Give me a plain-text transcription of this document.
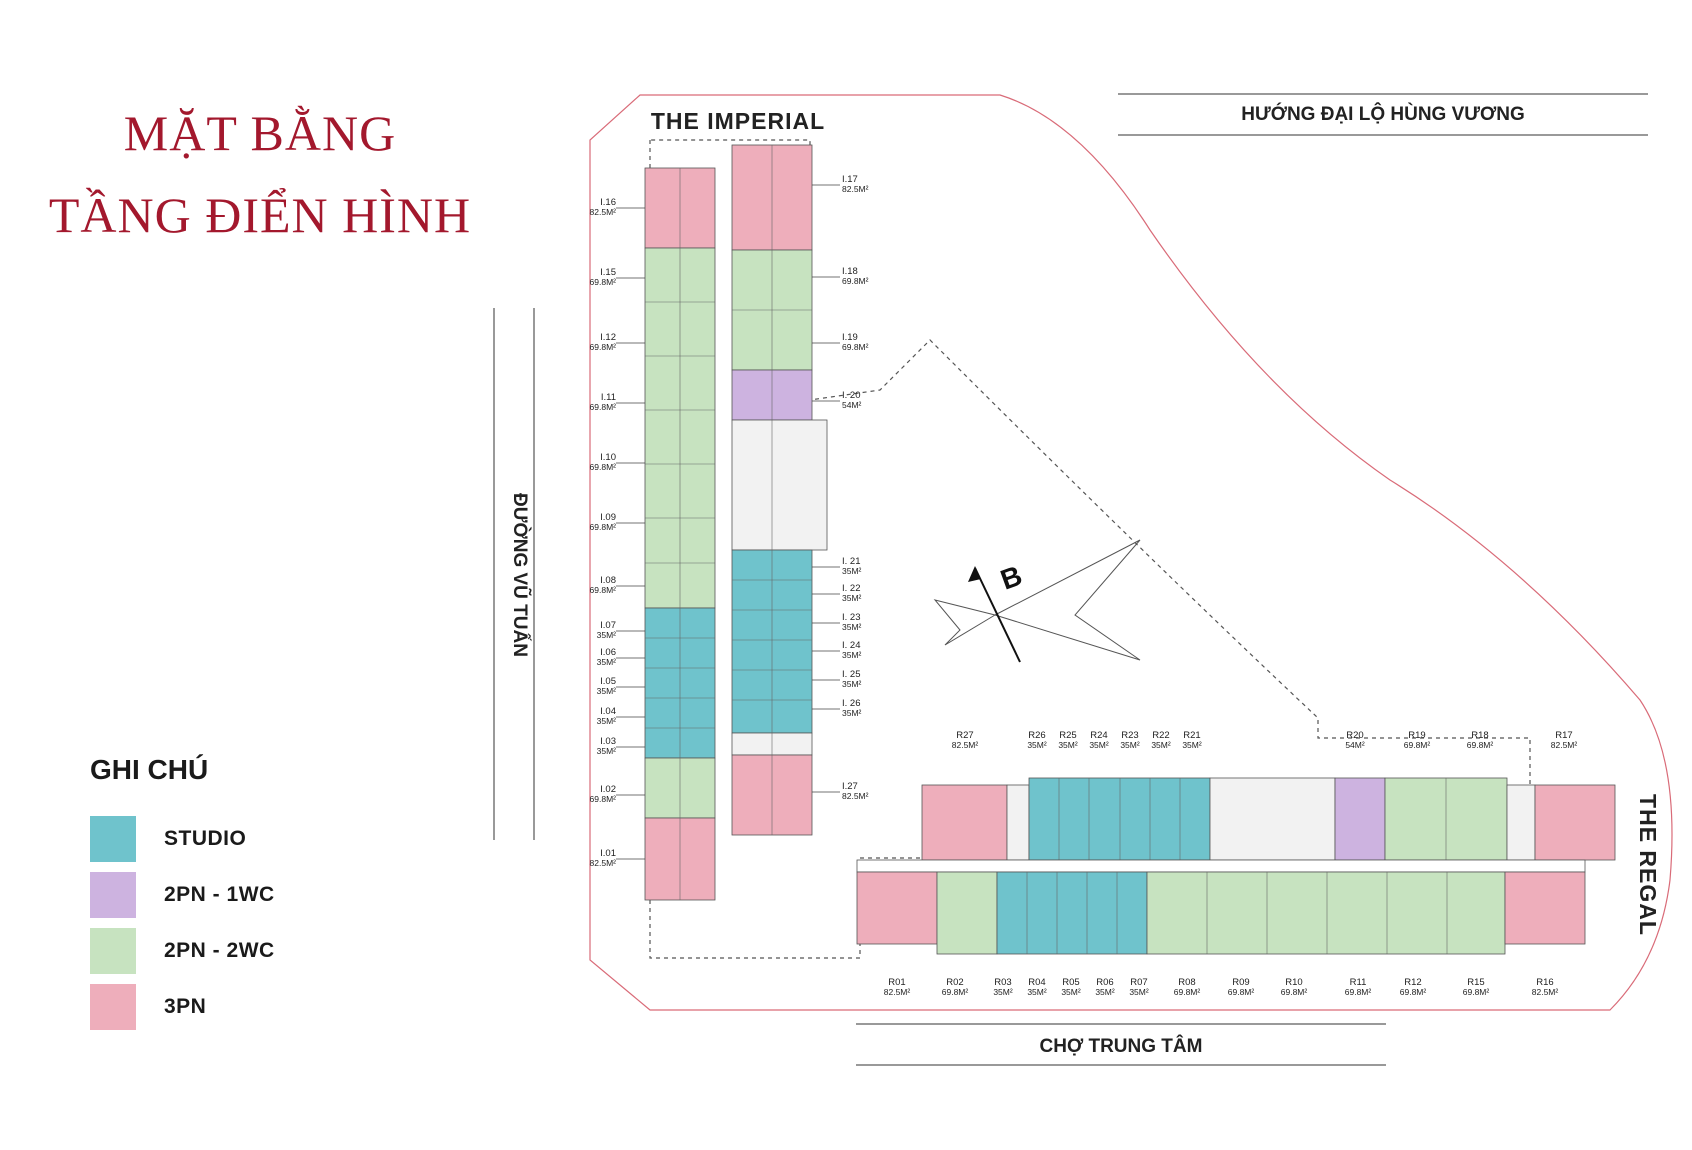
MẶT BẰNG
TẦNG ĐIỂN HÌNH
GHI CHÚ
STUDIO
2PN - 1WC
2PN - 2WC
3PN
HƯỚNG ĐẠI LỘ HÙNG VƯƠNG
ĐƯỜNG VŨ TUẤN
CHỢ TRUNG TÂM
THE IMPERIAL
THE REGAL
B
I.16
82.5M²
I.15
69.8M²
I.12
69.8M²
I.11
69.8M²
I.10
69.8M²
I.09
69.8M²
I.08
69.8M²
I.07
35M²
I.06
35M²
I.05
35M²
I.04
35M²
I.03
35M²
I.02
69.8M²
I.01
82.5M²
I.17
82.5M²
I.18
69.8M²
I.19
69.8M²
I. 20
54M²
I. 21
35M²
I. 22
35M²
I. 23
35M²
I. 24
35M²
I. 25
35M²
I. 26
35M²
I.27
82.5M²
R27
82.5M²
R26
35M²
R25
35M²
R24
35M²
R23
35M²
R22
35M²
R21
35M²
R20
54M²
R19
69.8M²
R18
69.8M²
R17
82.5M²
R01
82.5M²
R02
69.8M²
R03
35M²
R04
35M²
R05
35M²
R06
35M²
R07
35M²
R08
69.8M²
R09
69.8M²
R10
69.8M²
R11
69.8M²
R12
69.8M²
R15
69.8M²
R16
82.5M²
